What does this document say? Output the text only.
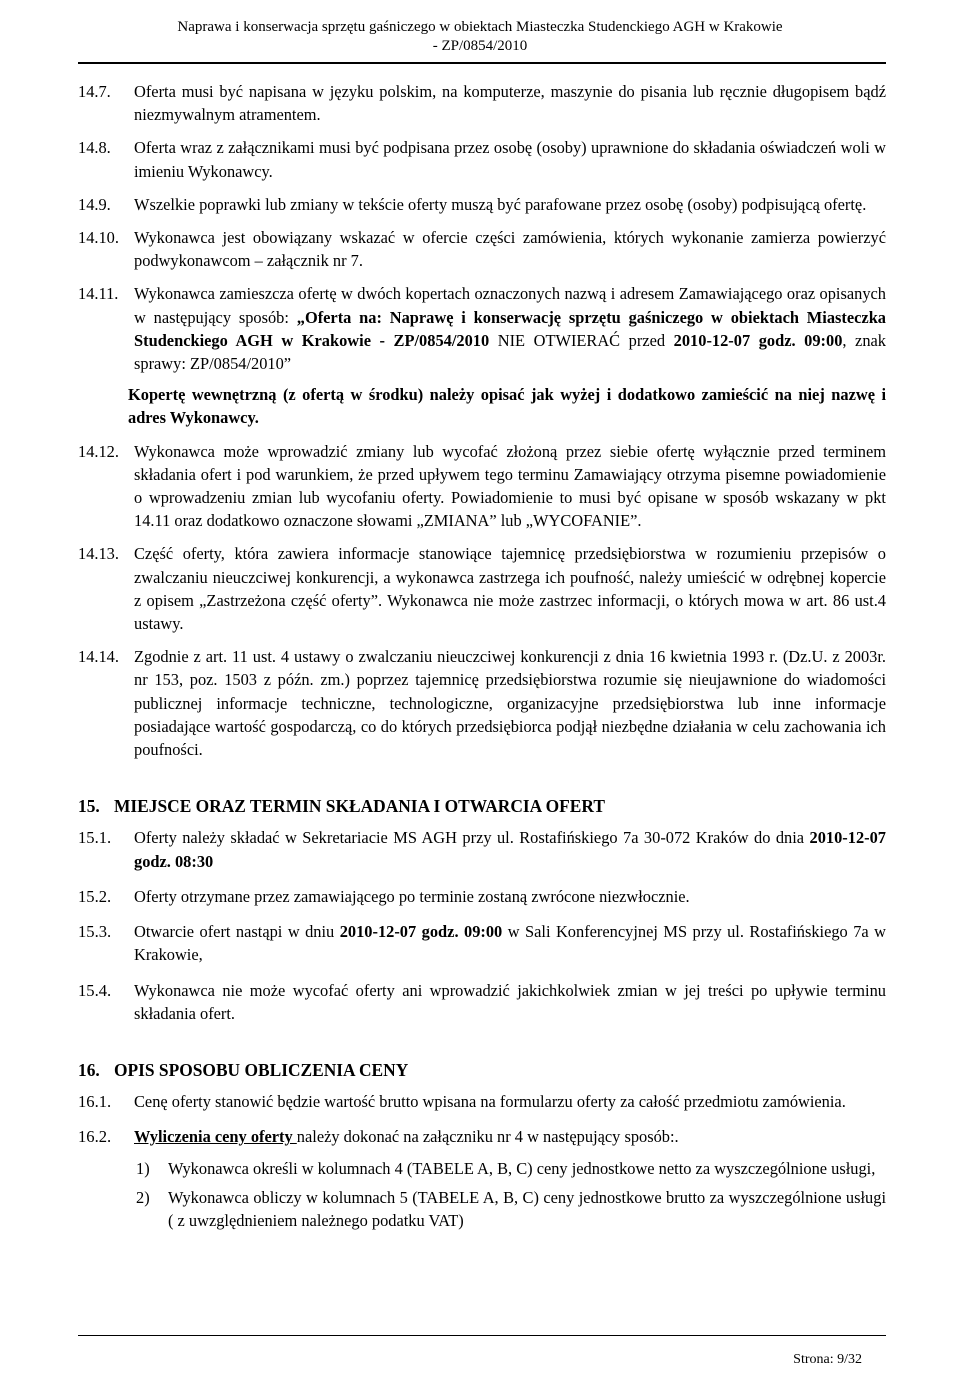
Naprawa i konserwacja sprzętu gaśniczego w obiektach Miasteczka Studenckiego AGH w Krakowie
- ZP/0854/2010
14.7. Oferta musi być napisana w języku polskim, na komputerze, maszynie do pisania lub ręcznie długopisem bądź niezmywalnym atramentem.

14.8. Oferta wraz z załącznikami musi być podpisana przez osobę (osoby) uprawnione do składania oświadczeń woli w imieniu Wykonawcy.

14.9. Wszelkie poprawki lub zmiany w tekście oferty muszą być parafowane przez osobę (osoby) podpisującą ofertę.

14.10. Wykonawca jest obowiązany wskazać w ofercie części zamówienia, których wykonanie zamierza powierzyć podwykonawcom – załącznik nr 7.

14.11. Wykonawca zamieszcza ofertę w dwóch kopertach oznaczonych nazwą i adresem Zamawiającego oraz opisanych w następujący sposób: „Oferta na: Naprawę i konserwację sprzętu gaśniczego w obiektach Miasteczka Studenckiego AGH w Krakowie - ZP/0854/2010 NIE OTWIERAĆ przed 2010-12-07 godz. 09:00, znak sprawy: ZP/0854/2010”

Kopertę wewnętrzną (z ofertą w środku) należy opisać jak wyżej i dodatkowo zamieścić na niej nazwę i adres Wykonawcy.
14.12. Wykonawca może wprowadzić zmiany lub wycofać złożoną przez siebie ofertę wyłącznie przed terminem składania ofert i pod warunkiem, że przed upływem tego terminu Zamawiający otrzyma pisemne powiadomienie o wprowadzeniu zmian lub wycofaniu oferty. Powiadomienie to musi być opisane w sposób wskazany w pkt 14.11 oraz dodatkowo oznaczone słowami „ZMIANA” lub „WYCOFANIE”.

14.13. Część oferty, która zawiera informacje stanowiące tajemnicę przedsiębiorstwa w rozumieniu przepisów o zwalczaniu nieuczciwej konkurencji, a wykonawca zastrzega ich poufność, należy umieścić w odrębnej kopercie z opisem „Zastrzeżona część oferty”. Wykonawca nie może zastrzec informacji, o których mowa w art. 86 ust.4 ustawy.

14.14. Zgodnie z art. 11 ust. 4 ustawy o zwalczaniu nieuczciwej konkurencji z dnia 16 kwietnia 1993 r. (Dz.U. z 2003r. nr 153, poz. 1503 z późn. zm.) poprzez tajemnicę przedsiębiorstwa rozumie się nieujawnione do wiadomości publicznej informacje techniczne, technologiczne, organizacyjne przedsiębiorstwa lub inne informacje posiadające wartość gospodarczą, co do których przedsiębiorca podjął niezbędne działania w celu zachowania ich poufności.

15. MIEJSCE ORAZ TERMIN SKŁADANIA I OTWARCIA OFERT
15.1. Oferty należy składać w Sekretariacie MS AGH przy ul. Rostafińskiego 7a 30-072 Kraków do dnia 2010-12-07 godz. 08:30
15.2. Oferty otrzymane przez zamawiającego po terminie zostaną zwrócone niezwłocznie.
15.3. Otwarcie ofert nastąpi w dniu 2010-12-07 godz. 09:00 w Sali Konferencyjnej MS przy ul. Rostafińskiego 7a w Krakowie,
15.4. Wykonawca nie może wycofać oferty ani wprowadzić jakichkolwiek zmian w jej treści po upływie terminu składania ofert.
16. OPIS SPOSOBU OBLICZENIA CENY
16.1. Cenę oferty stanowić będzie wartość brutto wpisana na formularzu oferty za całość przedmiotu zamówienia.
16.2. Wyliczenia ceny oferty należy dokonać na załączniku nr 4 w następujący sposób:.
1) Wykonawca określi w kolumnach 4 (TABELE A, B, C) ceny jednostkowe netto za wyszczególnione usługi,
2) Wykonawca obliczy w kolumnach 5 (TABELE A, B, C) ceny jednostkowe brutto za wyszczególnione usługi ( z uwzględnieniem należnego podatku VAT)
Strona: 9/32
